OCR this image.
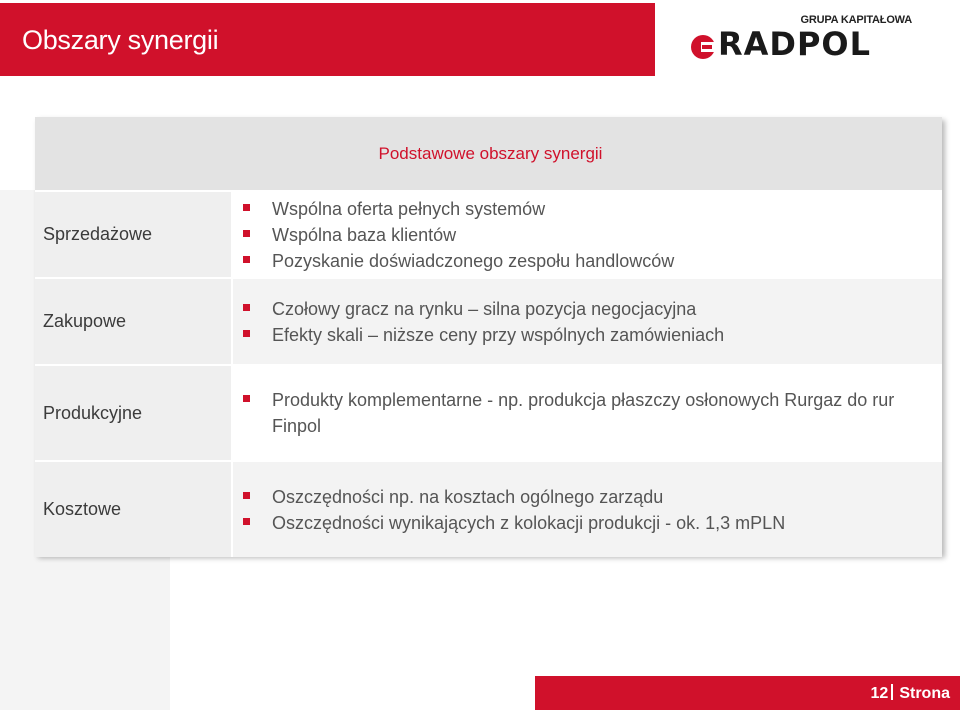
Obszary synergii
GRUPA KAPITAŁOWA
RADPOL
Podstawowe obszary synergii
Sprzedażowe
Wspólna oferta pełnych systemów
Wspólna baza klientów
Pozyskanie doświadczonego zespołu handlowców
Zakupowe
Czołowy gracz na rynku – silna pozycja negocjacyjna
Efekty skali – niższe ceny przy wspólnych zamówieniach
Produkcyjne
Produkty komplementarne - np. produkcja płaszczy osłonowych Rurgaz do rur Finpol
Kosztowe
Oszczędności np. na kosztach ogólnego zarządu
Oszczędności wynikających z kolokacji produkcji - ok. 1,3 mPLN
12 Strona
